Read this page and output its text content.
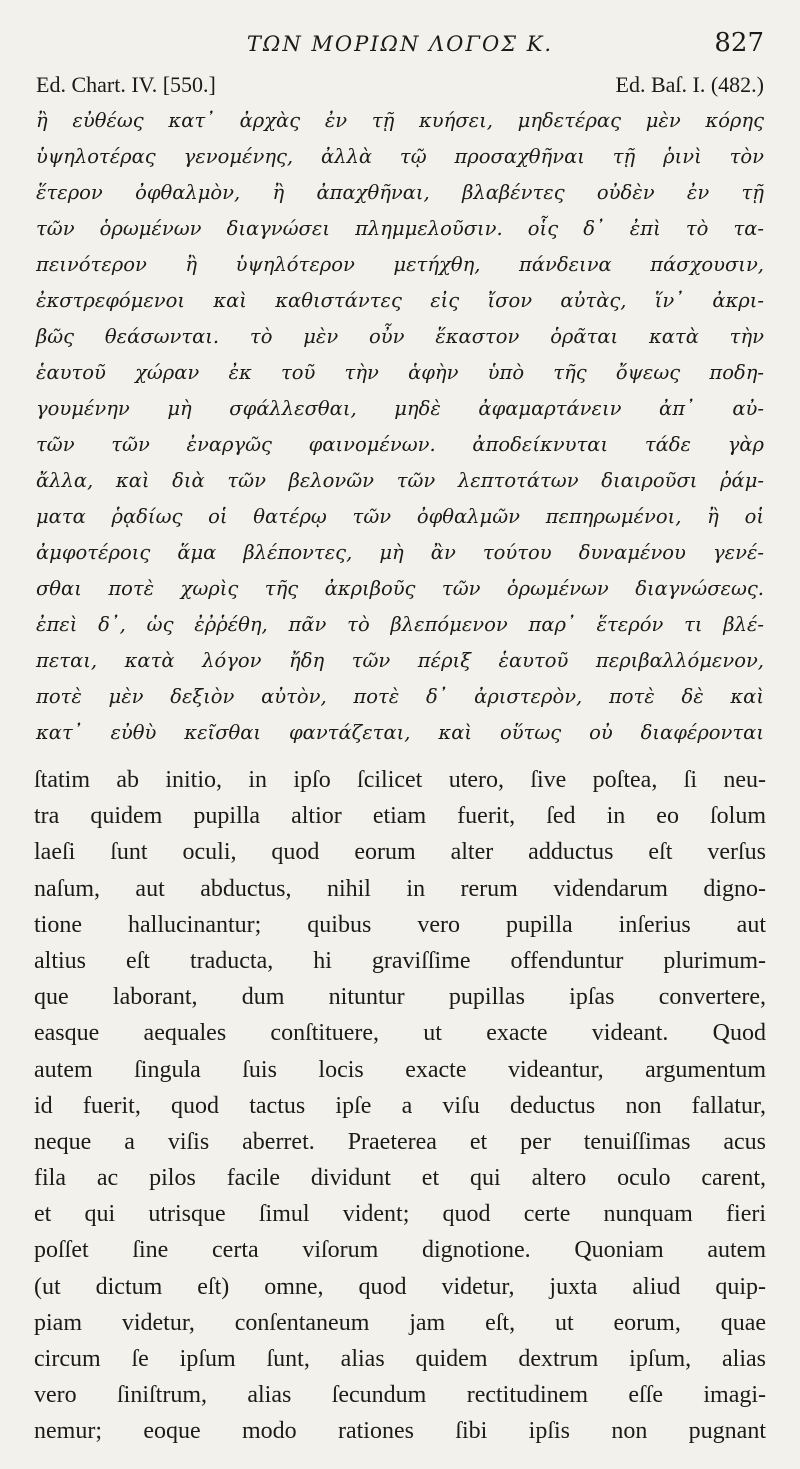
ΤΩΝ ΜΟΡΙΩΝ ΛΟΓΟΣ Κ.	827
Ed. Chart. IV. [550.]	Ed. Baſ. I. (482.)
ἢ εὐθέως κατ᾽ ἀρχὰς ἐν τῇ κυήσει, μηδετέρας μὲν κόρης
ὑψηλοτέρας γενομένης, ἀλλὰ τῷ προσαχθῆναι τῇ ῥινὶ τὸν
ἕτερον ὀφθαλμὸν, ἢ ἀπαχθῆναι, βλαβέντες οὐδὲν ἐν τῇ
τῶν ὁρωμένων διαγνώσει πλημμελοῦσιν. οἷς δ᾽ ἐπὶ τὸ τα-
πεινότερον ἢ ὑψηλότερον μετήχθη, πάνδεινα πάσχουσιν,
ἐκστρεφόμενοι καὶ καθιστάντες εἰς ἴσον αὐτὰς, ἵν᾽ ἀκρι-
βῶς θεάσωνται. τὸ μὲν οὖν ἕκαστον ὁρᾶται κατὰ τὴν
ἑαυτοῦ χώραν ἐκ τοῦ τὴν ἁφὴν ὑπὸ τῆς ὄψεως ποδη-
γουμένην μὴ σφάλλεσθαι, μηδὲ ἀφαμαρτάνειν ἀπ᾽ αὐ-
τῶν τῶν ἐναργῶς φαινομένων. ἀποδείκνυται τάδε γὰρ
ἄλλα, καὶ διὰ τῶν βελονῶν τῶν λεπτοτάτων διαιροῦσι ῥάμ-
ματα ῥᾳδίως οἱ θατέρῳ τῶν ὀφθαλμῶν πεπηρωμένοι, ἢ οἱ
ἀμφοτέροις ἅμα βλέποντες, μὴ ἂν τούτου δυναμένου γενέ-
σθαι ποτὲ χωρὶς τῆς ἀκριβοῦς τῶν ὁρωμένων διαγνώσεως.
ἐπεὶ δ᾽, ὡς ἐῤῥέθη, πᾶν τὸ βλεπόμενον παρ᾽ ἕτερόν τι βλέ-
πεται, κατὰ λόγον ἤδη τῶν πέριξ ἑαυτοῦ περιβαλλόμενον,
ποτὲ μὲν δεξιὸν αὐτὸν, ποτὲ δ᾽ ἀριστερὸν, ποτὲ δὲ καὶ
κατ᾽ εὐθὺ κεῖσθαι φαντάζεται, καὶ οὕτως οὐ διαφέρονται
ſtatim ab initio, in ipſo ſcilicet utero, ſive poſtea, ſi neu-
tra quidem pupilla altior etiam fuerit, ſed in eo ſolum
laeſi ſunt oculi, quod eorum alter adductus eſt verſus
naſum, aut abductus, nihil in rerum videndarum digno-
tione hallucinantur; quibus vero pupilla inſerius aut
altius eſt traducta, hi graviſſime offenduntur plurimum-
que laborant, dum nituntur pupillas ipſas convertere,
easque aequales conſtituere, ut exacte videant. Quod
autem ſingula ſuis locis exacte videantur, argumentum
id fuerit, quod tactus ipſe a viſu deductus non fallatur,
neque a viſis aberret. Praeterea et per tenuiſſimas acus
fila ac pilos facile dividunt et qui altero oculo carent,
et qui utrisque ſimul vident; quod certe nunquam fieri
poſſet ſine certa viſorum dignotione. Quoniam autem
(ut dictum eſt) omne, quod videtur, juxta aliud quip-
piam videtur, conſentaneum jam eſt, ut eorum, quae
circum ſe ipſum ſunt, alias quidem dextrum ipſum, alias
vero ſiniſtrum, alias ſecundum rectitudinem eſſe imagi-
nemur; eoque modo rationes ſibi ipſis non pugnant
